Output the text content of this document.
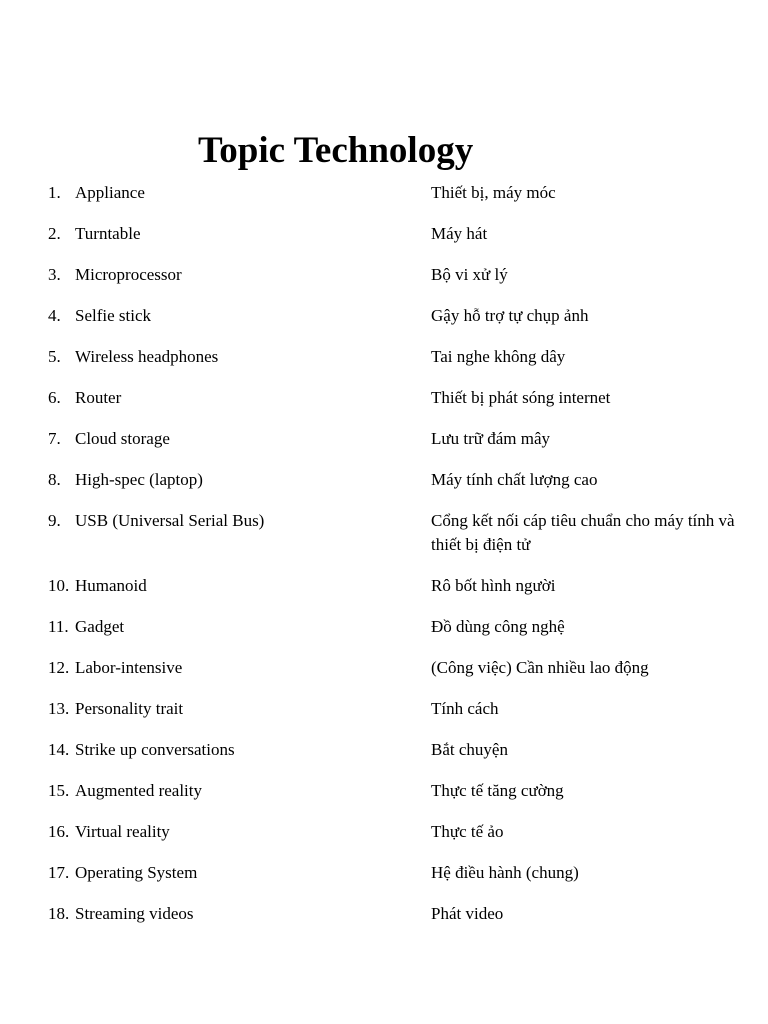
Topic Technology
1. Appliance	Thiết bị, máy móc
2. Turntable	Máy hát
3. Microprocessor	Bộ vi xử lý
4. Selfie stick	Gậy hỗ trợ tự chụp ảnh
5. Wireless headphones	Tai nghe không dây
6. Router	Thiết bị phát sóng internet
7. Cloud storage	Lưu trữ đám mây
8. High-spec (laptop)	Máy tính chất lượng cao
9. USB (Universal Serial Bus)	Cổng kết nối cáp tiêu chuẩn cho máy tính và thiết bị điện tử
10. Humanoid	Rô bốt hình người
11. Gadget	Đồ dùng công nghệ
12. Labor-intensive	(Công việc) Cần nhiều lao động
13. Personality trait	Tính cách
14. Strike up conversations	Bắt chuyện
15. Augmented reality	Thực tế tăng cường
16. Virtual reality	Thực tế ảo
17. Operating System	Hệ điều hành (chung)
18. Streaming videos	Phát video
